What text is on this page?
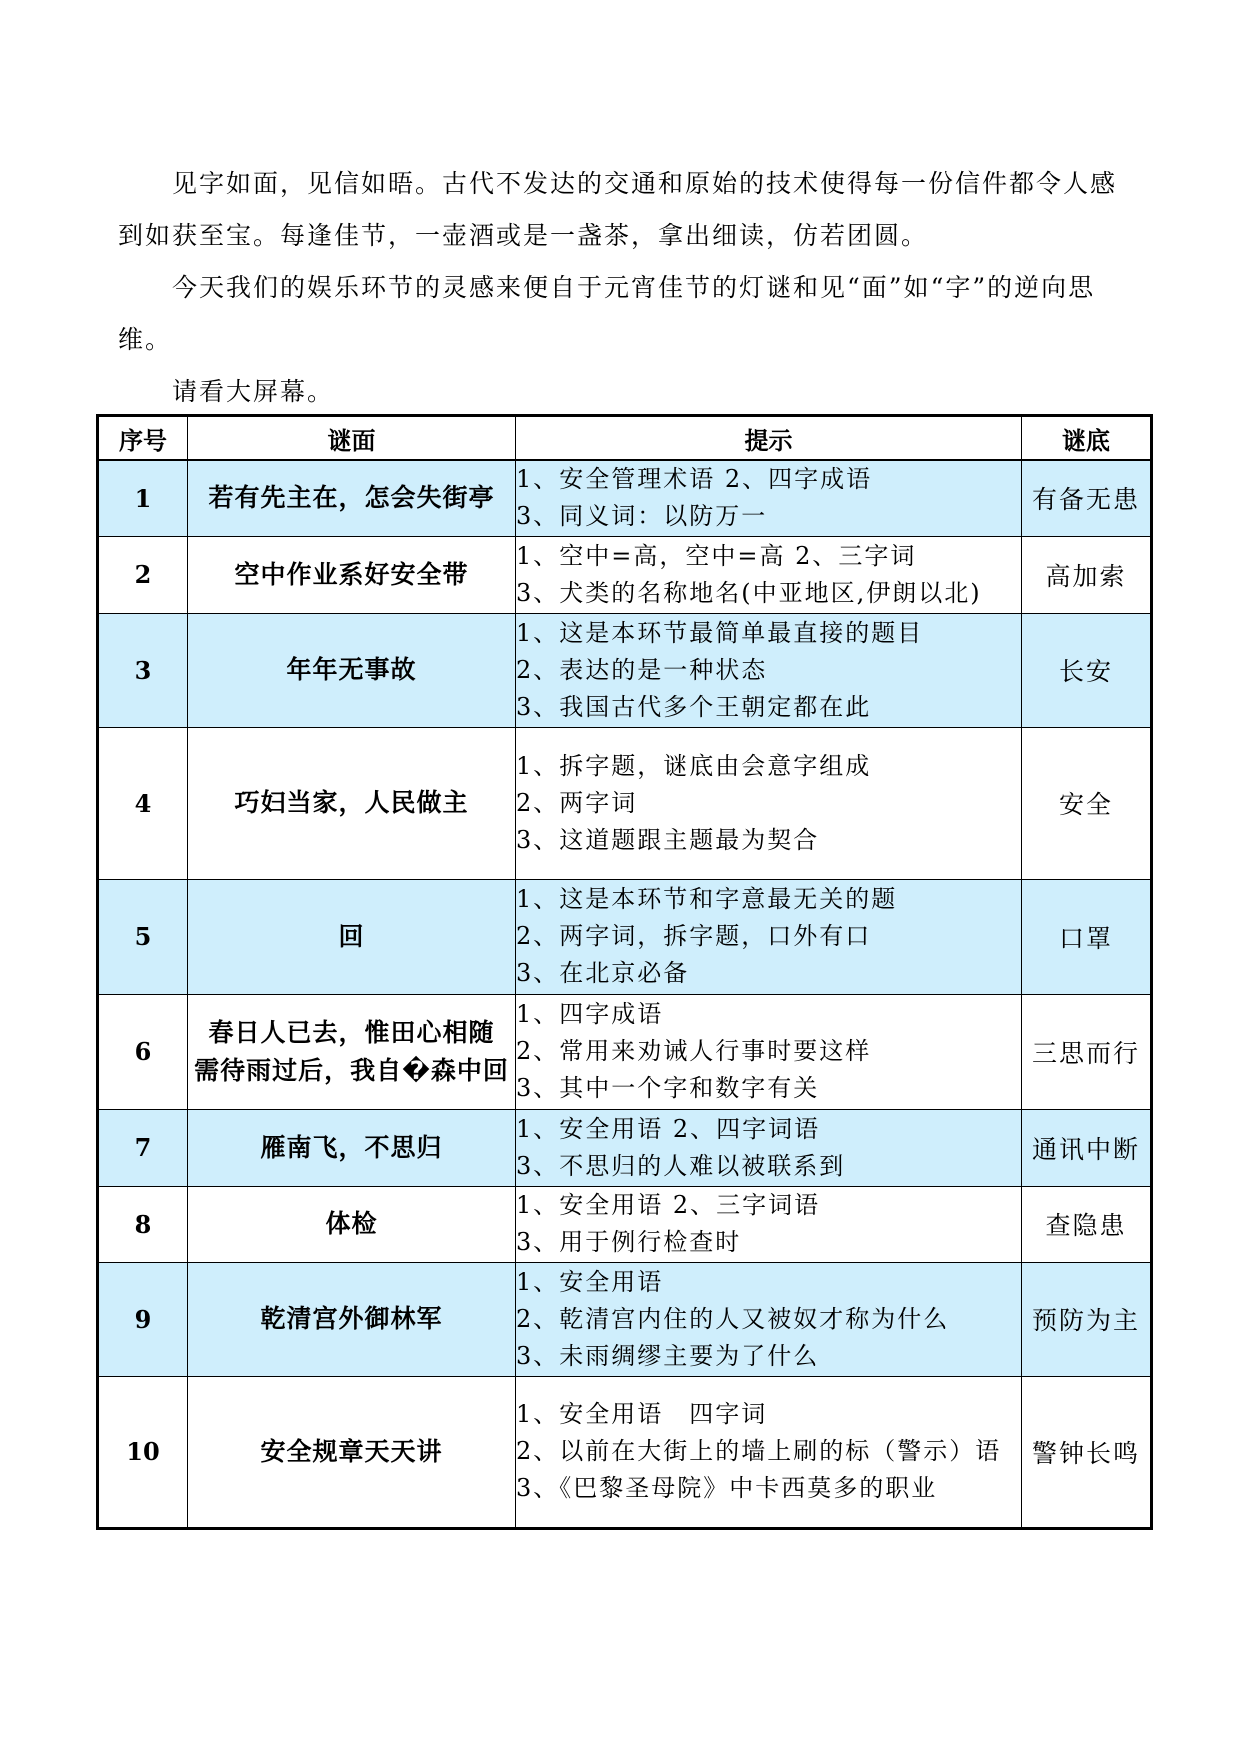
见字如面，见信如晤。古代不发达的交通和原始的技术使得每一份信件都令人感到如获至宝。每逢佳节，一壶酒或是一盏茶，拿出细读，仿若团圆。

今天我们的娱乐环节的灵感来便自于元宵佳节的灯谜和见“面”如“字”的逆向思维。

请看大屏幕。

序号	谜面	提示	谜底
1	若有先主在，怎会失街亭	1、安全管理术语 2、四字成语
3、同义词：以防万一	有备无患
2	空中作业系好安全带	1、空中=高，空中=高 2、三字词
3、犬类的名称地名(中亚地区,伊朗以北)	高加索
3	年年无事故	1、这是本环节最简单最直接的题目
2、表达的是一种状态
3、我国古代多个王朝定都在此	长安
4	巧妇当家，人民做主	1、拆字题，谜底由会意字组成
2、两字词
3、这道题跟主题最为契合	安全
5	回	1、这是本环节和字意最无关的题
2、两字词，拆字题，口外有口
3、在北京必备	口罩
6	春日人已去，惟田心相随
需待雨过后，我自�森中回	1、四字成语
2、常用来劝诫人行事时要这样
3、其中一个字和数字有关	三思而行
7	雁南飞，不思归	1、安全用语 2、四字词语
3、不思归的人难以被联系到	通讯中断
8	体检	1、安全用语 2、三字词语
3、用于例行检查时	查隐患
9	乾清宫外御林军	1、安全用语
2、乾清宫内住的人又被奴才称为什么
3、未雨绸缪主要为了什么	预防为主
10	安全规章天天讲	1、安全用语　四字词
2、以前在大街上的墙上刷的标（警示）语
3、《巴黎圣母院》中卡西莫多的职业	警钟长鸣
